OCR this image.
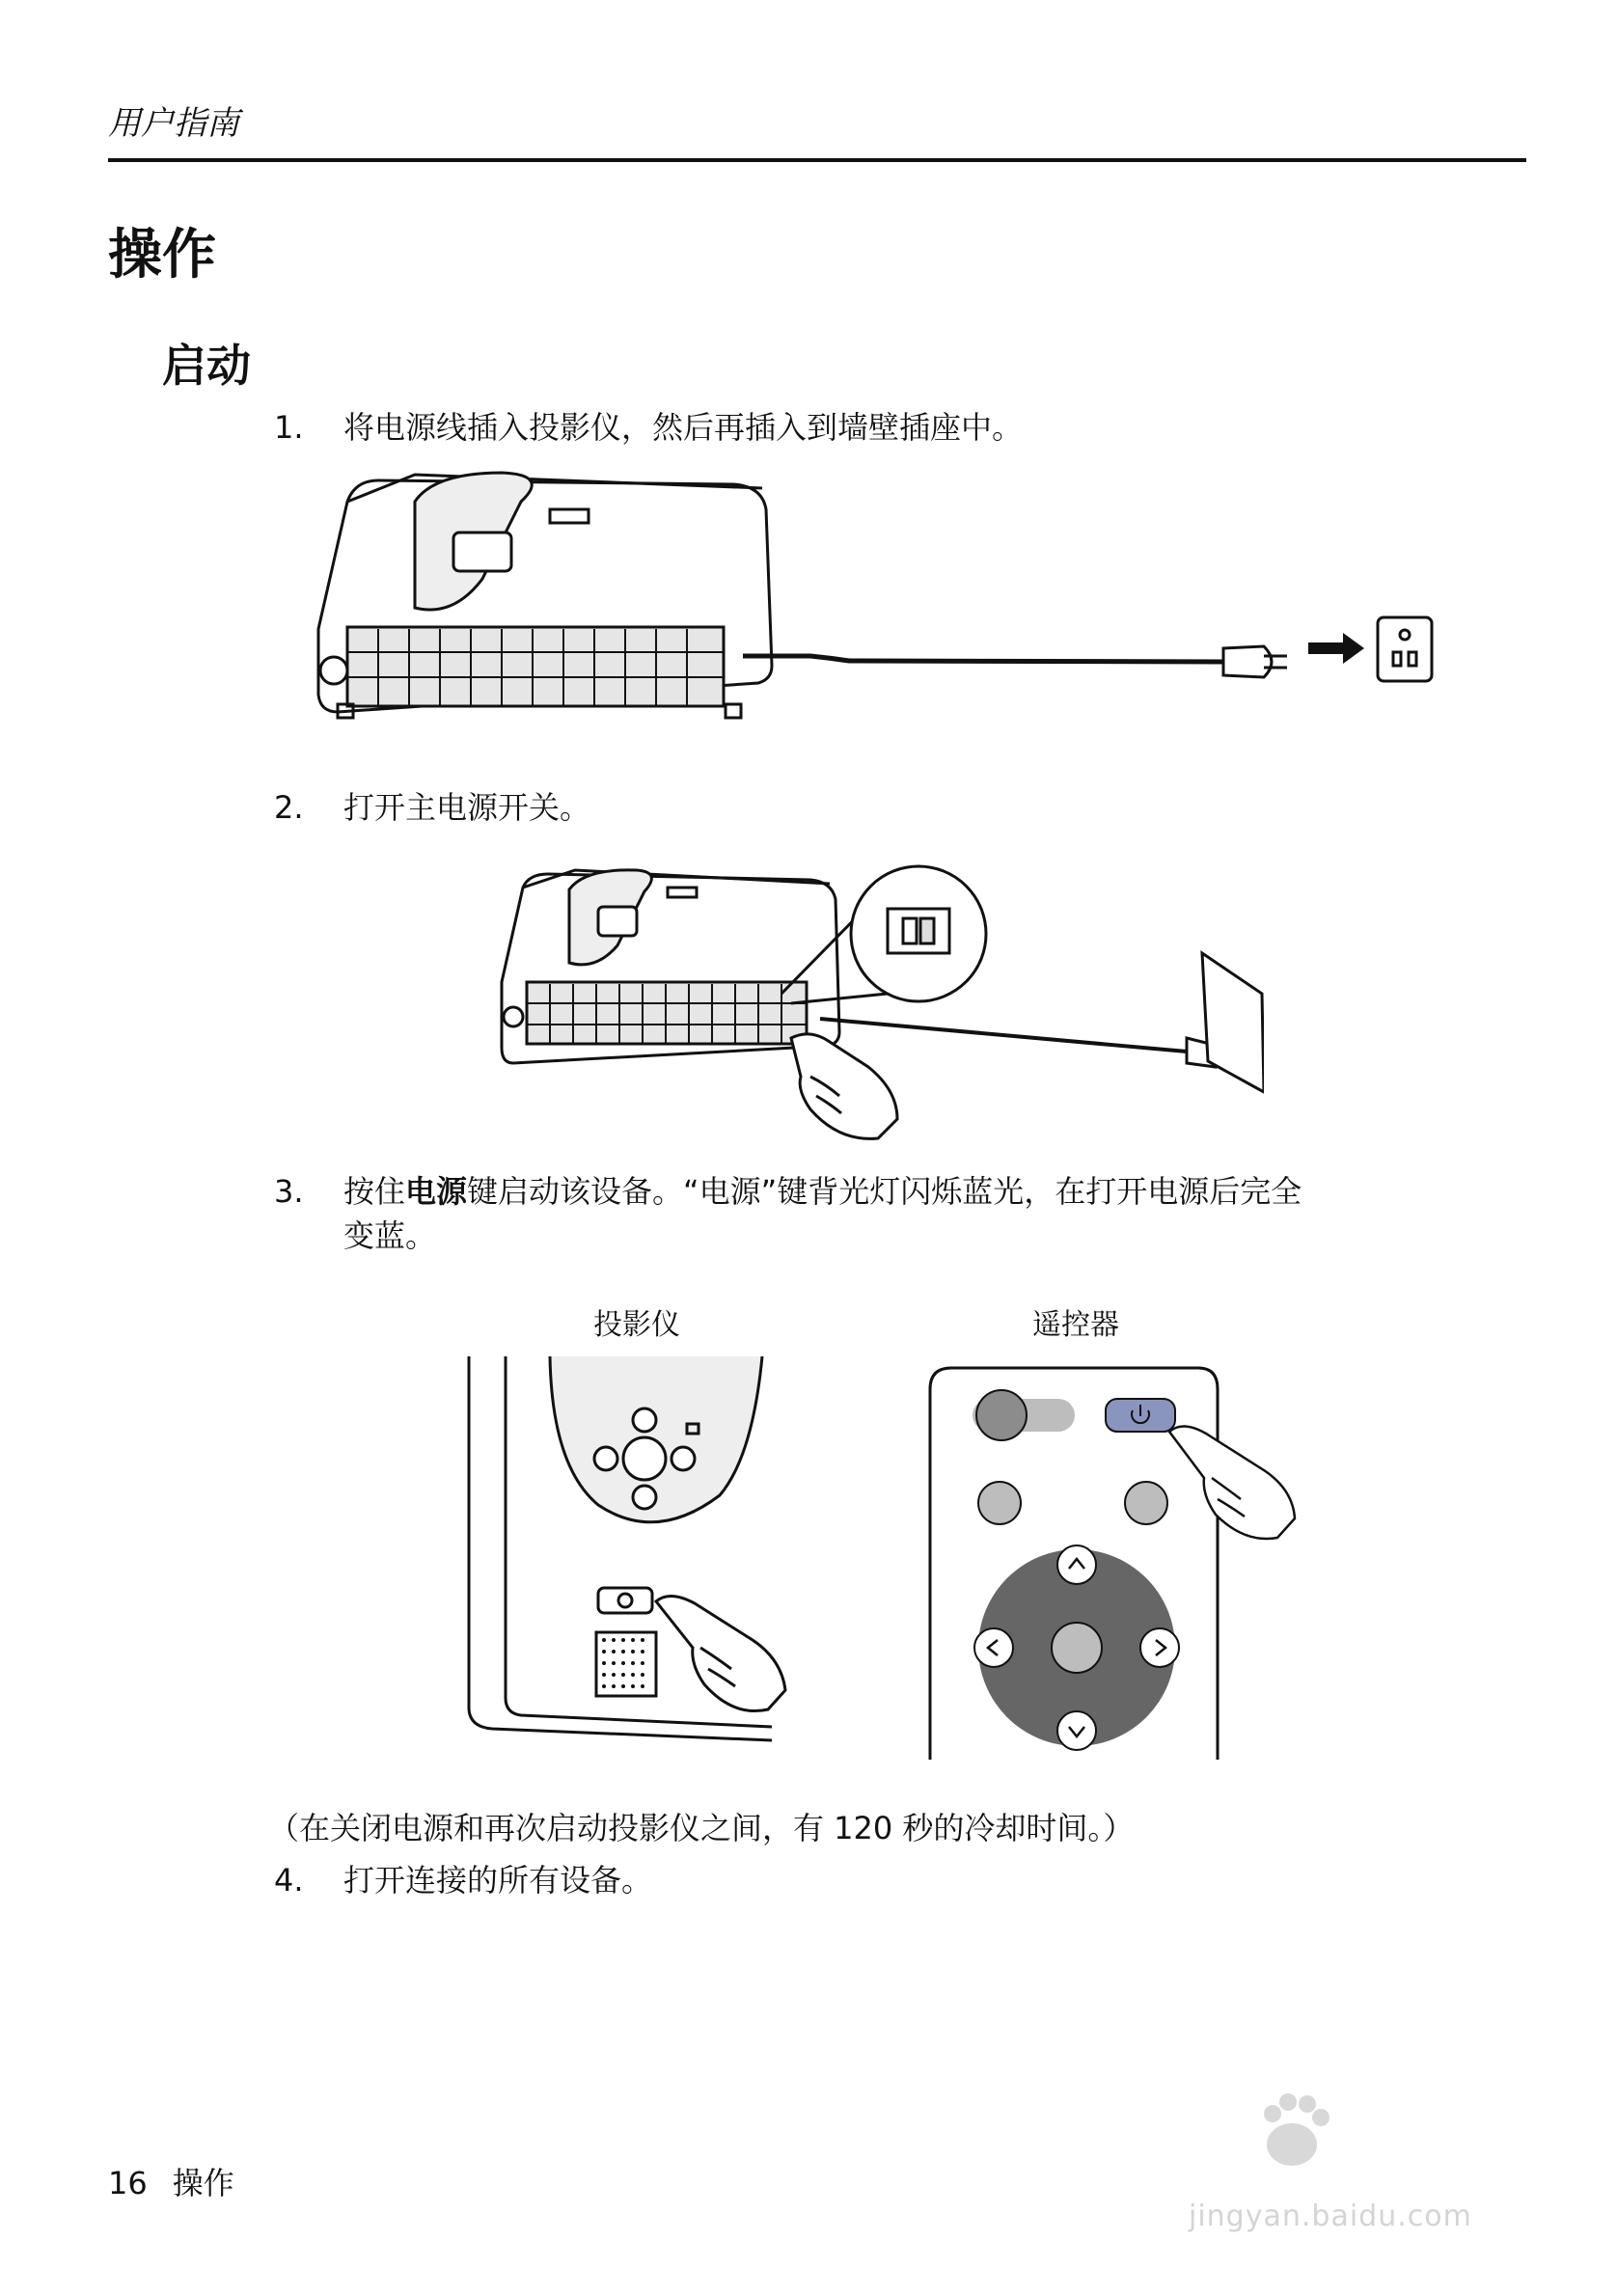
用户指南
操作
启动
1. 将电源线插入投影仪，然后再插入到墙壁插座中。
2. 打开主电源开关。
3. 按住电源键启动该设备。“电源”键背光灯闪烁蓝光，在打开电源后完全
变蓝。
投影仪	遥控器
（在关闭电源和再次启动投影仪之间，有 120 秒的冷却时间。）
4. 打开连接的所有设备。
16 操作
jingyan.baidu.com
